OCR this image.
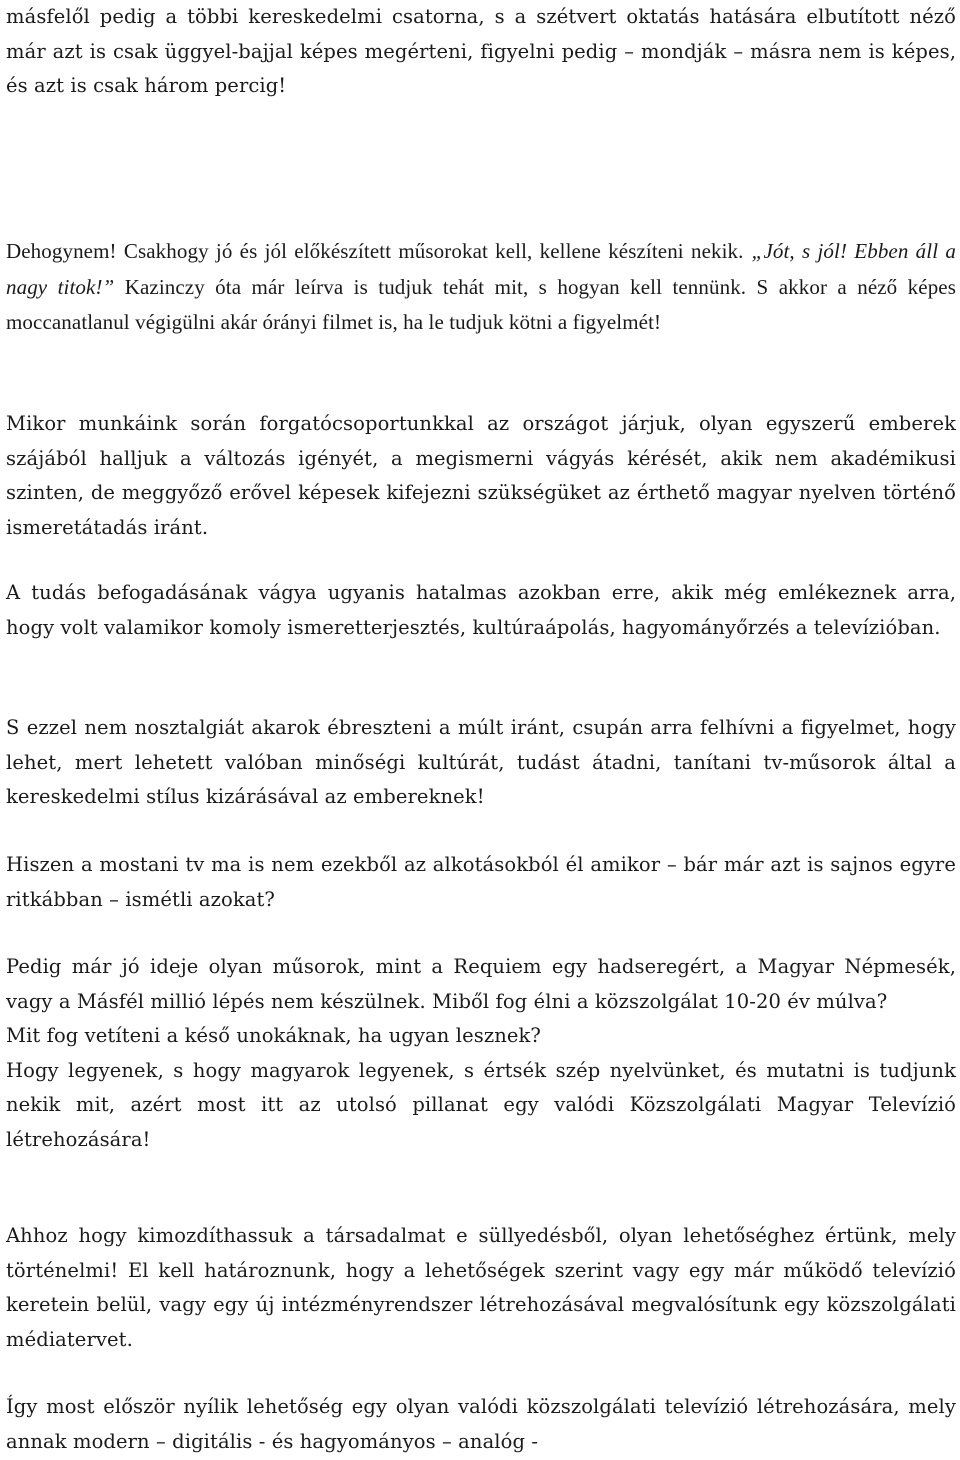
másfelől pedig a többi kereskedelmi csatorna, s a szétvert oktatás hatására elbutított néző már azt is csak üggyel-bajjal képes megérteni, figyelni pedig – mondják – másra nem is képes, és azt is csak három percig!

Dehogynem! Csakhogy jó és jól előkészített műsorokat kell, kellene készíteni nekik. „Jót, s jól! Ebben áll a nagy titok!” Kazinczy óta már leírva is tudjuk tehát mit, s hogyan kell tennünk. S akkor a néző képes moccanatlanul végigülni akár órányi filmet is, ha le tudjuk kötni a figyelmét!

Mikor munkáink során forgatócsoportunkkal az országot járjuk, olyan egyszerű emberek szájából halljuk a változás igényét, a megismerni vágyás kérését, akik nem akadémikusi szinten, de meggyőző erővel képesek kifejezni szükségüket az érthető magyar nyelven történő ismeretátadás iránt.

A tudás befogadásának vágya ugyanis hatalmas azokban erre, akik még emlékeznek arra, hogy volt valamikor komoly ismeretterjesztés, kultúraápolás, hagyományőrzés a televízióban.

S ezzel nem nosztalgiát akarok ébreszteni a múlt iránt, csupán arra felhívni a figyelmet, hogy lehet, mert lehetett valóban minőségi kultúrát, tudást átadni, tanítani tv-műsorok által a kereskedelmi stílus kizárásával az embereknek!

Hiszen a mostani tv ma is nem ezekből az alkotásokból él amikor – bár már azt is sajnos egyre ritkábban – ismétli azokat?

Pedig már jó ideje olyan műsorok, mint a Requiem egy hadseregért, a Magyar Népmesék, vagy a Másfél millió lépés nem készülnek. Miből fog élni a közszolgálat 10-20 év múlva?
Mit fog vetíteni a késő unokáknak, ha ugyan lesznek?
Hogy legyenek, s hogy magyarok legyenek, s értsék szép nyelvünket, és mutatni is tudjunk nekik mit, azért most itt az utolsó pillanat egy valódi Közszolgálati Magyar Televízió létrehozására!

Ahhoz hogy kimozdíthassuk a társadalmat e süllyedésből, olyan lehetőséghez értünk, mely történelmi! El kell határoznunk, hogy a lehetőségek szerint vagy egy már működő televízió keretein belül, vagy egy új intézményrendszer létrehozásával megvalósítunk egy közszolgálati médiatervet.

Így most először nyílik lehetőség egy olyan valódi közszolgálati televízió létrehozására, mely annak modern – digitális - és hagyományos – analóg -
